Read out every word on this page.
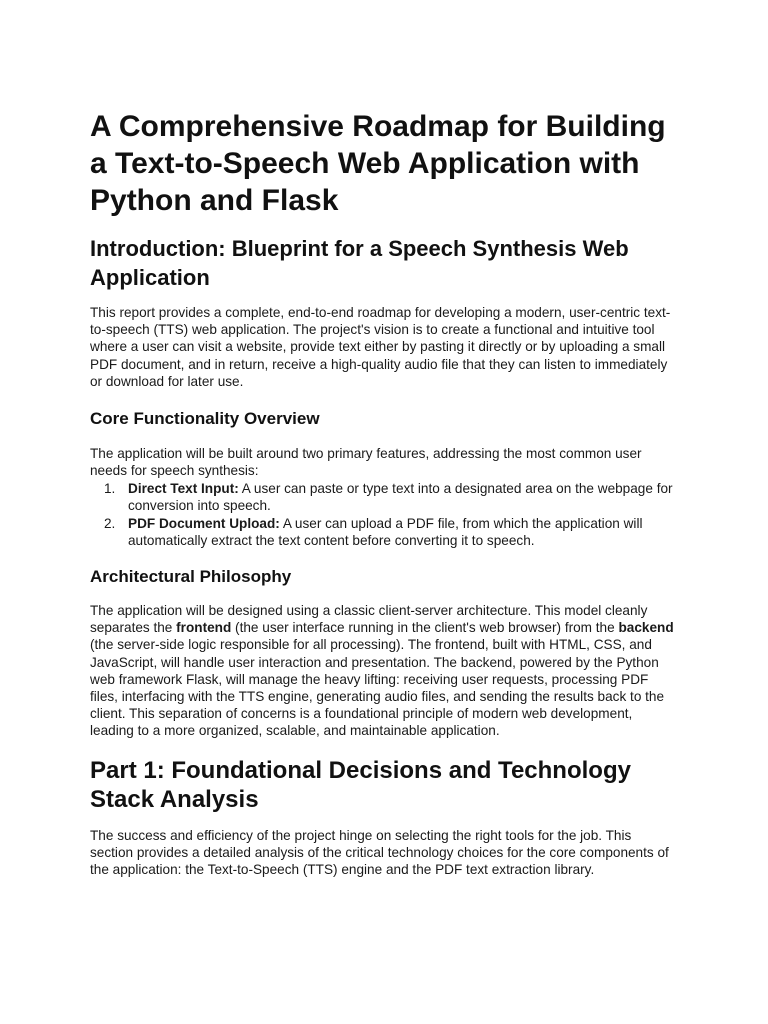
A Comprehensive Roadmap for Building a Text-to-Speech Web Application with Python and Flask
Introduction: Blueprint for a Speech Synthesis Web Application

This report provides a complete, end-to-end roadmap for developing a modern, user-centric text-to-speech (TTS) web application. The project's vision is to create a functional and intuitive tool where a user can visit a website, provide text either by pasting it directly or by uploading a small PDF document, and in return, receive a high-quality audio file that they can listen to immediately or download for later use.

Core Functionality Overview

The application will be built around two primary features, addressing the most common user needs for speech synthesis:

1. Direct Text Input: A user can paste or type text into a designated area on the webpage for conversion into speech.
2. PDF Document Upload: A user can upload a PDF file, from which the application will automatically extract the text content before converting it to speech.
Architectural Philosophy

The application will be designed using a classic client-server architecture. This model cleanly separates the frontend (the user interface running in the client's web browser) from the backend (the server-side logic responsible for all processing). The frontend, built with HTML, CSS, and JavaScript, will handle user interaction and presentation. The backend, powered by the Python web framework Flask, will manage the heavy lifting: receiving user requests, processing PDF files, interfacing with the TTS engine, generating audio files, and sending the results back to the client. This separation of concerns is a foundational principle of modern web development, leading to a more organized, scalable, and maintainable application.

Part 1: Foundational Decisions and Technology Stack Analysis

The success and efficiency of the project hinge on selecting the right tools for the job. This section provides a detailed analysis of the critical technology choices for the core components of the application: the Text-to-Speech (TTS) engine and the PDF text extraction library.
